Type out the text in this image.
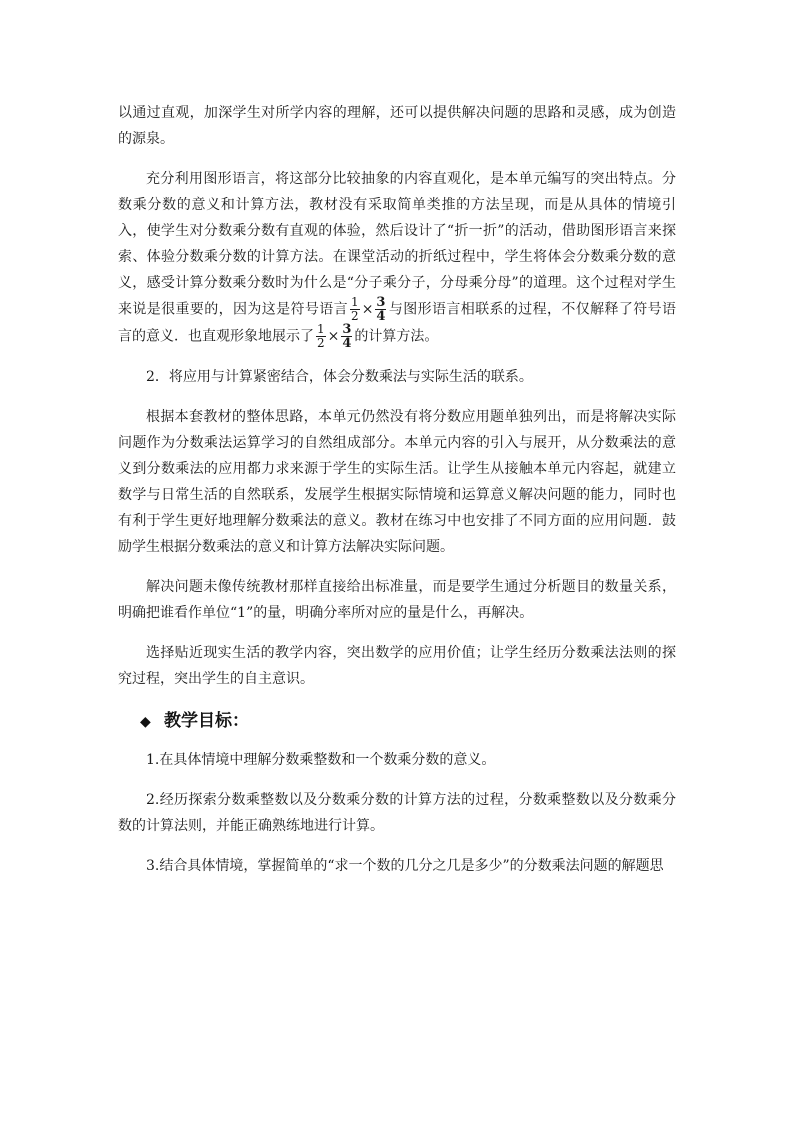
以通过直观，加深学生对所学内容的理解，还可以提供解决问题的思路和灵感，成为创造的源泉。

充分利用图形语言，将这部分比较抽象的内容直观化，是本单元编写的突出特点。分数乘分数的意义和计算方法，教材没有采取简单类推的方法呈现，而是从具体的情境引入，使学生对分数乘分数有直观的体验，然后设计了“折一折”的活动，借助图形语言来探索、体验分数乘分数的计算方法。在课堂活动的折纸过程中，学生将体会分数乘分数的意义，感受计算分数乘分数时为什么是“分子乘分子，分母乘分母”的道理。这个过程对学生来说是很重要的，因为这是符号语言 $\frac{1}{2} \times \frac{3}{4}$ 与图形语言相联系的过程，不仅解释了符号语言的意义．也直观形象地展示了 $\frac{1}{2} \times \frac{3}{4}$ 的计算方法。

2．将应用与计算紧密结合，体会分数乘法与实际生活的联系。

根据本套教材的整体思路，本单元仍然没有将分数应用题单独列出，而是将解决实际问题作为分数乘法运算学习的自然组成部分。本单元内容的引入与展开，从分数乘法的意义到分数乘法的应用都力求来源于学生的实际生活。让学生从接触本单元内容起，就建立数学与日常生活的自然联系，发展学生根据实际情境和运算意义解决问题的能力，同时也有利于学生更好地理解分数乘法的意义。教材在练习中也安排了不同方面的应用问题．鼓励学生根据分数乘法的意义和计算方法解决实际问题。

解决问题未像传统教材那样直接给出标准量，而是要学生通过分析题目的数量关系，明确把谁看作单位“1”的量，明确分率所对应的量是什么，再解决。

选择贴近现实生活的教学内容，突出数学的应用价值；让学生经历分数乘法法则的探究过程，突出学生的自主意识。

◆ 教学目标：

1.在具体情境中理解分数乘整数和一个数乘分数的意义。

2.经历探索分数乘整数以及分数乘分数的计算方法的过程，分数乘整数以及分数乘分数的计算法则，并能正确熟练地进行计算。

3.结合具体情境，掌握简单的“求一个数的几分之几是多少”的分数乘法问题的解题思
